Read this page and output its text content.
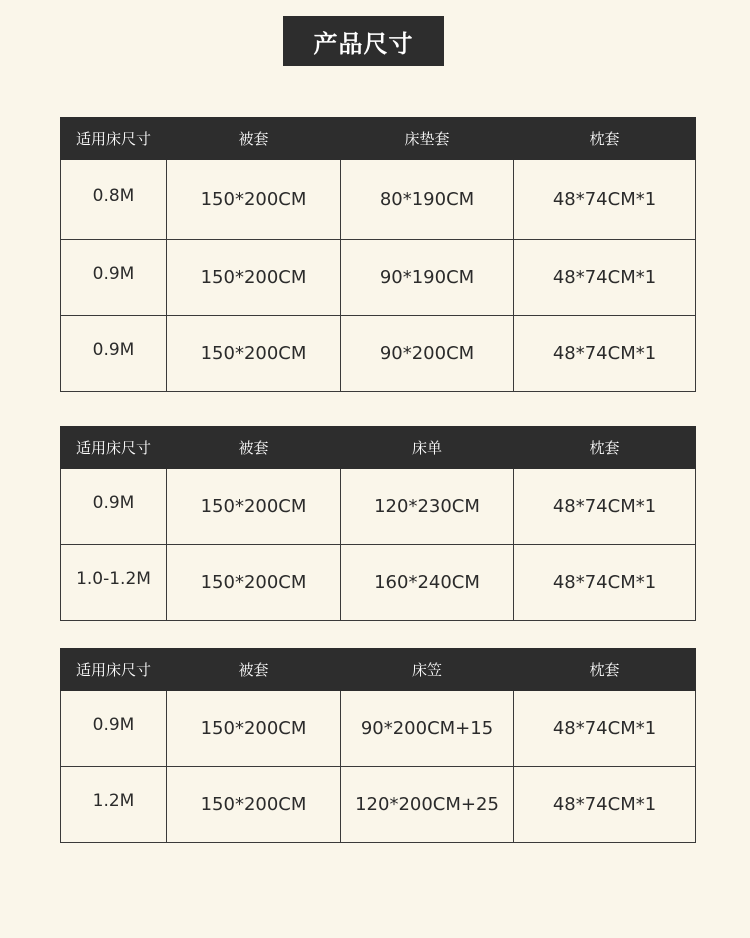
产品尺寸
适用床尺寸	被套	床垫套	枕套
0.8M	150*200CM	80*190CM	48*74CM*1
0.9M	150*200CM	90*190CM	48*74CM*1
0.9M	150*200CM	90*200CM	48*74CM*1
适用床尺寸	被套	床单	枕套
0.9M	150*200CM	120*230CM	48*74CM*1
1.0-1.2M	150*200CM	160*240CM	48*74CM*1
适用床尺寸	被套	床笠	枕套
0.9M	150*200CM	90*200CM+15	48*74CM*1
1.2M	150*200CM	120*200CM+25	48*74CM*1
